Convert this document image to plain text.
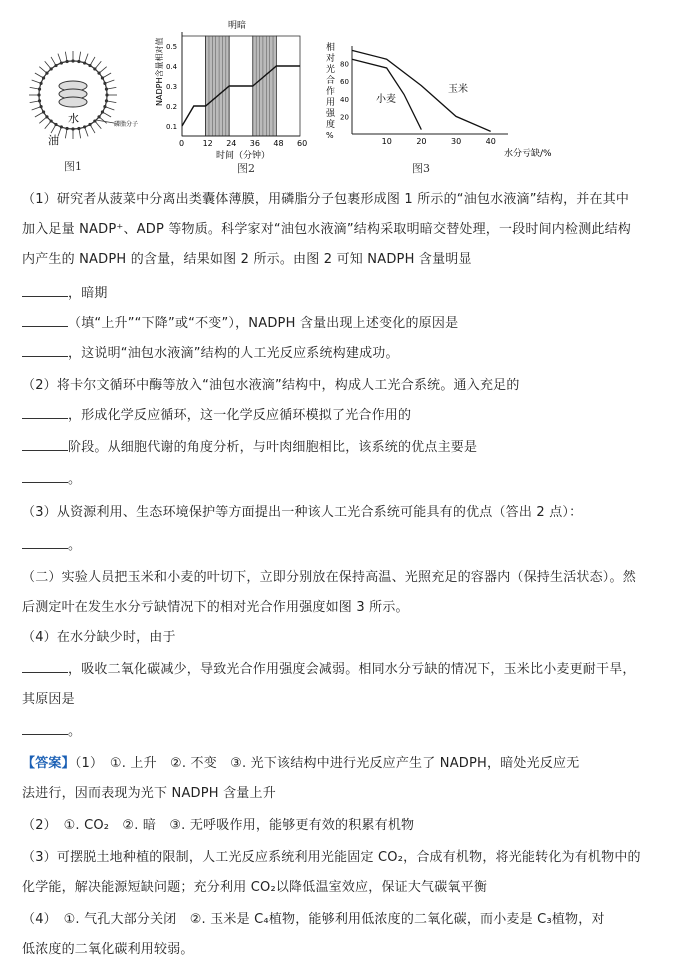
水
油
磷脂分子
图1
明暗
NADPH含量相对值
时间（分钟）
0 12 24 36 48 60
0.1
0.2
0.3
0.4
0.5
图2
相
对
光
合
作
用
强
度
%
水分亏缺/%
玉米
小麦
10	20	30	40
20
40
60
80
图3
（1）研究者从菠菜中分离出类囊体薄膜，用磷脂分子包裹形成图 1 所示的“油包水液滴”结构，并在其中
加入足量 NADP⁺、ADP 等物质。科学家对“油包水液滴”结构采取明暗交替处理，一段时间内检测此结构
内产生的 NADPH 的含量，结果如图 2 所示。由图 2 可知 NADPH 含量明显
，暗期
（填“上升”“下降”或“不变”），NADPH 含量出现上述变化的原因是
，这说明“油包水液滴”结构的人工光反应系统构建成功。
（2）将卡尔文循环中酶等放入“油包水液滴”结构中，构成人工光合系统。通入充足的
，形成化学反应循环，这一化学反应循环模拟了光合作用的
阶段。从细胞代谢的角度分析，与叶肉细胞相比，该系统的优点主要是
。
（3）从资源利用、生态环境保护等方面提出一种该人工光合系统可能具有的优点（答出 2 点）：
。
（二）实验人员把玉米和小麦的叶切下，立即分别放在保持高温、光照充足的容器内（保持生活状态）。然
后测定叶在发生水分亏缺情况下的相对光合作用强度如图 3 所示。
（4）在水分缺少时，由于
，吸收二氧化碳减少，导致光合作用强度会减弱。相同水分亏缺的情况下，玉米比小麦更耐干旱，
其原因是
。
【答案】（1）　①. 上升　②. 不变　③. 光下该结构中进行光反应产生了 NADPH，暗处光反应无
法进行，因而表现为光下 NADPH 含量上升
（2）　①. CO₂　②. 暗　③. 无呼吸作用，能够更有效的积累有机物
（3）可摆脱土地种植的限制，人工光反应系统利用光能固定 CO₂，合成有机物，将光能转化为有机物中的
化学能，解决能源短缺问题；充分利用 CO₂以降低温室效应，保证大气碳氧平衡
（4）　①. 气孔大部分关闭　②. 玉米是 C₄植物，能够利用低浓度的二氧化碳，而小麦是 C₃植物，对
低浓度的二氧化碳利用较弱。
